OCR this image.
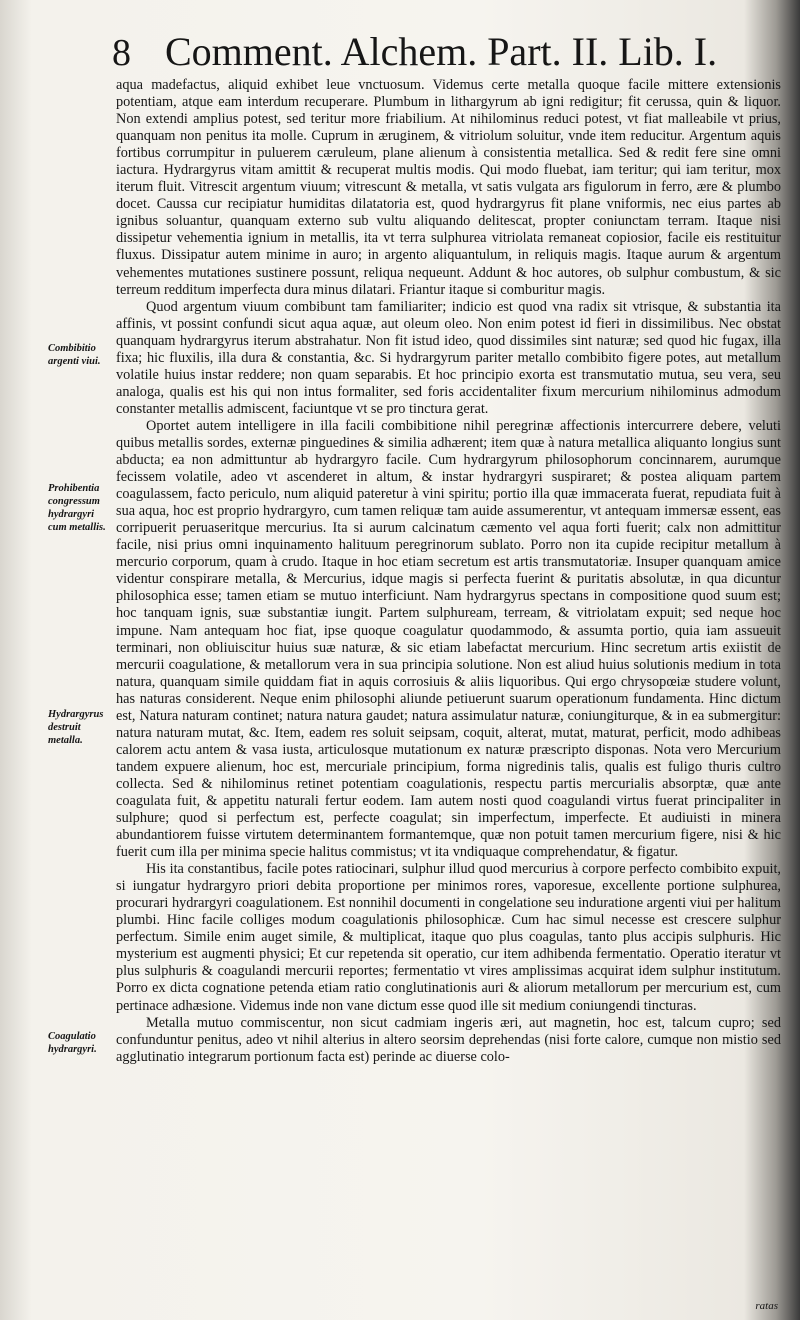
8 Comment. Alchem. Part. II. Lib. I.
Combibitio argenti viui.
Prohibentia congressum hydrargyri cum metallis.
Hydrargyrus destruit metalla.
Coagulatio hydrargyri.

aqua madefactus, aliquid exhibet leue vnctuosum. Videmus certe metalla quoque facile mittere extensionis potentiam, atque eam interdum recuperare. Plumbum in lithargyrum ab igni redigitur; fit cerussa, quin & liquor. Non extendi amplius potest, sed teritur more friabilium. At nihilominus reduci potest, vt fiat malleabile vt prius, quanquam non penitus ita molle. Cuprum in æruginem, & vitriolum soluitur, vnde item reducitur. Argentum aquis fortibus corrumpitur in puluerem cæruleum, plane alienum à consistentia metallica. Sed & redit fere sine omni iactura. Hydrargyrus vitam amittit & recuperat multis modis. Qui modo fluebat, iam teritur; qui iam teritur, mox iterum fluit. Vitrescit argentum viuum; vitrescunt & metalla, vt satis vulgata ars figulorum in ferro, ære & plumbo docet. Caussa cur recipiatur humiditas dilatatoria est, quod hydrargyrus fit plane vniformis, nec eius partes ab ignibus soluantur, quanquam externo sub vultu aliquando delitescat, propter coniunctam terram. Itaque nisi dissipetur vehementia ignium in metallis, ita vt terra sulphurea vitriolata remaneat copiosior, facile eis restituitur fluxus. Dissipatur autem minime in auro; in argento aliquantulum, in reliquis magis. Itaque aurum & argentum vehementes mutationes sustinere possunt, reliqua nequeunt. Addunt & hoc autores, ob sulphur combustum, & sic terreum redditum imperfecta dura minus dilatari. Friantur itaque si comburitur magis.

Quod argentum viuum combibunt tam familiariter; indicio est quod vna radix sit vtrisque, & substantia ita affinis, vt possint confundi sicut aqua aquæ, aut oleum oleo. Non enim potest id fieri in dissimilibus. Nec obstat quanquam hydrargyrus iterum abstrahatur. Non fit istud ideo, quod dissimiles sint naturæ; sed quod hic fugax, illa fixa; hic fluxilis, illa dura & constantia, &c. Si hydrargyrum pariter metallo combibito figere potes, aut metallum volatile huius instar reddere; non quam separabis. Et hoc principio exorta est transmutatio mutua, seu vera, seu analoga, qualis est his qui non intus formaliter, sed foris accidentaliter fixum mercurium nihilominus admodum constanter metallis admiscent, faciuntque vt se pro tinctura gerat.

Oportet autem intelligere in illa facili combibitione nihil peregrinæ affectionis intercurrere debere, veluti quibus metallis sordes, externæ pinguedines & similia adhærent; item quæ à natura metallica aliquanto longius sunt abducta; ea non admittuntur ab hydrargyro facile. Cum hydrargyrum philosophorum concinnarem, aurumque fecissem volatile, adeo vt ascenderet in altum, & instar hydrargyri suspiraret; & postea aliquam partem coagulassem, facto periculo, num aliquid pateretur à vini spiritu; portio illa quæ immacerata fuerat, repudiata fuit à sua aqua, hoc est proprio hydrargyro, cum tamen reliquæ tam auide assumerentur, vt antequam immersæ essent, eas corripuerit peruaseritque mercurius. Ita si aurum calcinatum cæmento vel aqua forti fuerit; calx non admittitur facile, nisi prius omni inquinamento halituum peregrinorum sublato. Porro non ita cupide recipitur metallum à mercurio corporum, quam à crudo. Itaque in hoc etiam secretum est artis transmutatoriæ. Insuper quanquam amice videntur conspirare metalla, & Mercurius, idque magis si perfecta fuerint & puritatis absolutæ, in qua dicuntur philosophica esse; tamen etiam se mutuo interficiunt. Nam hydrargyrus spectans in compositione quod suum est; hoc tanquam ignis, suæ substantiæ iungit. Partem sulphuream, terream, & vitriolatam expuit; sed neque hoc impune. Nam antequam hoc fiat, ipse quoque coagulatur quodammodo, & assumta portio, quia iam assueuit terminari, non obliuiscitur huius suæ naturæ, & sic etiam labefactat mercurium. Hinc secretum artis exiistit de mercurii coagulatione, & metallorum vera in sua principia solutione. Non est aliud huius solutionis medium in tota natura, quanquam simile quiddam fiat in aquis corrosiuis & aliis liquoribus. Qui ergo chrysopœiæ studere volunt, has naturas considerent. Neque enim philosophi aliunde petiuerunt suarum operationum fundamenta. Hinc dictum est, Natura naturam continet; natura natura gaudet; natura assimulatur naturæ, coniungiturque, & in ea submergitur: natura naturam mutat, &c. Item, eadem res soluit seipsam, coquit, alterat, mutat, maturat, perficit, modo adhibeas calorem actu antem & vasa iusta, articulosque mutationum ex naturæ præscripto disponas. Nota vero Mercurium tandem expuere alienum, hoc est, mercuriale principium, forma nigredinis talis, qualis est fuligo thuris cultro collecta. Sed & nihilominus retinet potentiam coagulationis, respectu partis mercurialis absorptæ, quæ ante coagulata fuit, & appetitu naturali fertur eodem. Iam autem nosti quod coagulandi virtus fuerat principaliter in sulphure; quod si perfectum est, perfecte coagulat; sin imperfectum, imperfecte. Et audiuisti in minera abundantiorem fuisse virtutem determinantem formantemque, quæ non potuit tamen mercurium figere, nisi & hic fuerit cum illa per minima specie halitus commistus; vt ita vndiquaque comprehendatur, & figatur.

His ita constantibus, facile potes ratiocinari, sulphur illud quod mercurius à corpore perfecto combibito expuit, si iungatur hydrargyro priori debita proportione per minimos rores, vaporesue, excellente portione sulphurea, procurari hydrargyri coagulationem. Est nonnihil documenti in congelatione seu induratione argenti viui per halitum plumbi. Hinc facile colliges modum coagulationis philosophicæ. Cum hac simul necesse est crescere sulphur perfectum. Simile enim auget simile, & multiplicat, itaque quo plus coagulas, tanto plus accipis sulphuris. Hic mysterium est augmenti physici; Et cur repetenda sit operatio, cur item adhibenda fermentatio. Operatio iteratur vt plus sulphuris & coagulandi mercurii reportes; fermentatio vt vires amplissimas acquirat idem sulphur institutum. Porro ex dicta cognatione petenda etiam ratio conglutinationis auri & aliorum metallorum per mercurium est, cum pertinace adhæsione. Videmus inde non vane dictum esse quod ille sit medium coniungendi tincturas.

Metalla mutuo commiscentur, non sicut cadmiam ingeris æri, aut magnetin, hoc est, talcum cupro; sed confunduntur penitus, adeo vt nihil alterius in altero seorsim deprehendas (nisi forte calore, cumque non mistio sed agglutinatio integrarum portionum facta est) perinde ac diuerse colo-

ratas
